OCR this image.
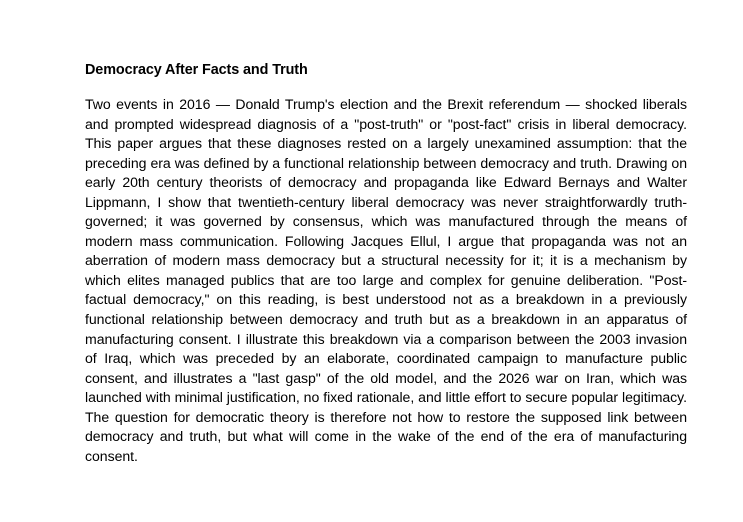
Democracy After Facts and Truth

Two events in 2016 — Donald Trump's election and the Brexit referendum — shocked liberals and prompted widespread diagnosis of a "post-truth" or "post-fact" crisis in liberal democracy. This paper argues that these diagnoses rested on a largely unexamined assumption: that the preceding era was defined by a functional relationship between democracy and truth. Drawing on early 20th century theorists of democracy and propaganda like Edward Bernays and Walter Lippmann, I show that twentieth-century liberal democracy was never straightforwardly truth-governed; it was governed by consensus, which was manufactured through the means of modern mass communication. Following Jacques Ellul, I argue that propaganda was not an aberration of modern mass democracy but a structural necessity for it; it is a mechanism by which elites managed publics that are too large and complex for genuine deliberation. "Post-factual democracy," on this reading, is best understood not as a breakdown in a previously functional relationship between democracy and truth but as a breakdown in an apparatus of manufacturing consent. I illustrate this breakdown via a comparison between the 2003 invasion of Iraq, which was preceded by an elaborate, coordinated campaign to manufacture public consent, and illustrates a "last gasp" of the old model, and the 2026 war on Iran, which was launched with minimal justification, no fixed rationale, and little effort to secure popular legitimacy. The question for democratic theory is therefore not how to restore the supposed link between democracy and truth, but what will come in the wake of the end of the era of manufacturing consent.
